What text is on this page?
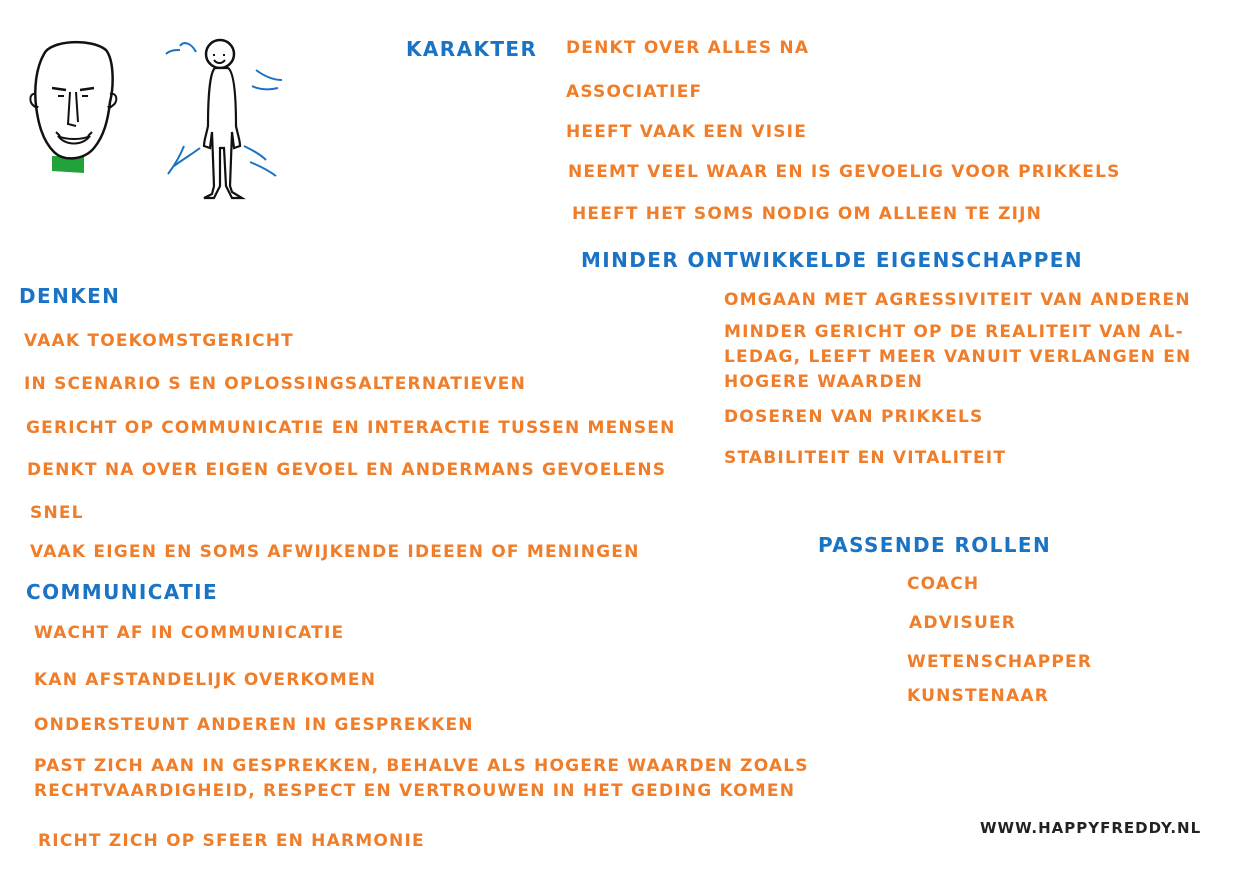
KARAKTER DENKT OVER ALLES NA
ASSOCIATIEF
HEEFT VAAK EEN VISIE
NEEMT VEEL WAAR EN IS GEVOELIG VOOR PRIKKELS
HEEFT HET SOMS NODIG OM ALLEEN TE ZIJN
MINDER ONTWIKKELDE EIGENSCHAPPEN
OMGAAN MET AGRESSIVITEIT VAN ANDEREN
MINDER GERICHT OP DE REALITEIT VAN AL-LEDAG, LEEFT MEER VANUIT VERLANGEN EN HOGERE WAARDEN
DOSEREN VAN PRIKKELS
STABILITEIT EN VITALITEIT
DENKEN
VAAK TOEKOMSTGERICHT
IN SCENARIO S EN OPLOSSINGSALTERNATIEVEN
GERICHT OP COMMUNICATIE EN INTERACTIE TUSSEN MENSEN
DENKT NA OVER EIGEN GEVOEL EN ANDERMANS GEVOELENS
SNEL
VAAK EIGEN EN SOMS AFWIJKENDE IDEEEN OF MENINGEN
COMMUNICATIE
WACHT AF IN COMMUNICATIE
KAN AFSTANDELIJK OVERKOMEN
ONDERSTEUNT ANDEREN IN GESPREKKEN
PAST ZICH AAN IN GESPREKKEN, BEHALVE ALS HOGERE WAARDEN ZOALS RECHTVAARDIGHEID, RESPECT EN VERTROUWEN IN HET GEDING KOMEN
RICHT ZICH OP SFEER EN HARMONIE
PASSENDE ROLLEN
COACH
ADVISUER
WETENSCHAPPER
KUNSTENAAR
WWW.HAPPYFREDDY.NL
